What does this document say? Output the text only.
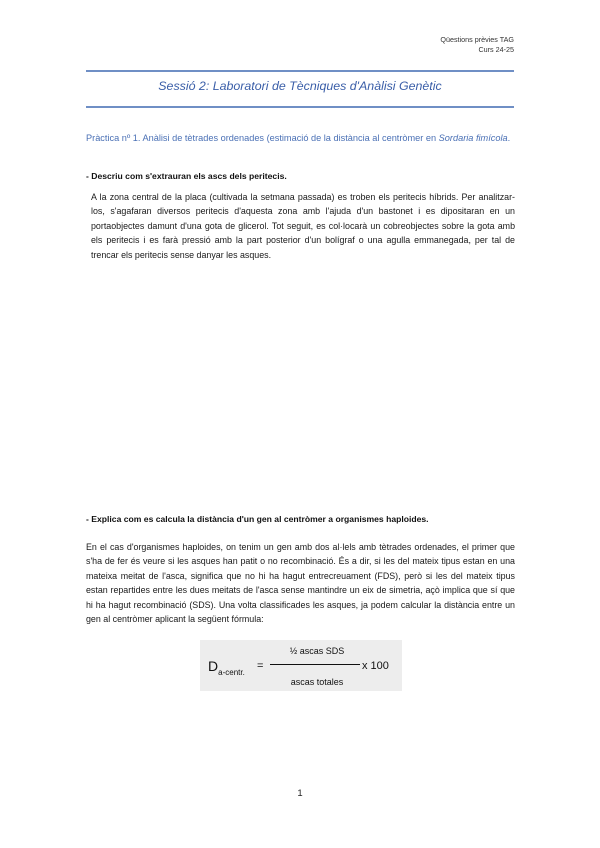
Qüestions prèvies TAG
Curs 24-25
Sessió 2: Laboratori de Tècniques d'Anàlisi Genètic
Pràctica nº 1. Anàlisi de tètrades ordenades (estimació de la distància al centròmer en Sordaria fimícola.
- Descriu com s'extrauran els ascs dels peritecis.
A la zona central de la placa (cultivada la setmana passada) es troben els peritecis híbrids. Per analitzar-los, s'agafaran diversos peritecis d'aquesta zona amb l'ajuda d'un bastonet i es dipositaran en un portaobjectes damunt d'una gota de glicerol. Tot seguit, es col·locarà un cobreobjectes sobre la gota amb els peritecis i es farà pressió amb la part posterior d'un bolígraf o una agulla emmanegada, per tal de trencar els peritecis sense danyar les asques.
- Explica com es calcula la distància d'un gen al centròmer a organismes haploides.
En el cas d'organismes haploides, on tenim un gen amb dos al·lels amb tètrades ordenades, el primer que s'ha de fer és veure si les asques han patit o no recombinació. És a dir, si les del mateix tipus estan en una mateixa meitat de l'asca, significa que no hi ha hagut entrecreuament (FDS), però si les del mateix tipus estan repartides entre les dues meitats de l'asca sense mantindre un eix de simetria, açò implica que sí que hi ha hagut recombinació (SDS). Una volta classificades les asques, ja podem calcular la distància entre un gen al centròmer aplicant la següent fórmula:
$D_{a-centr.}$
=
½ ascas SDS
ascas totales
x 100
1
